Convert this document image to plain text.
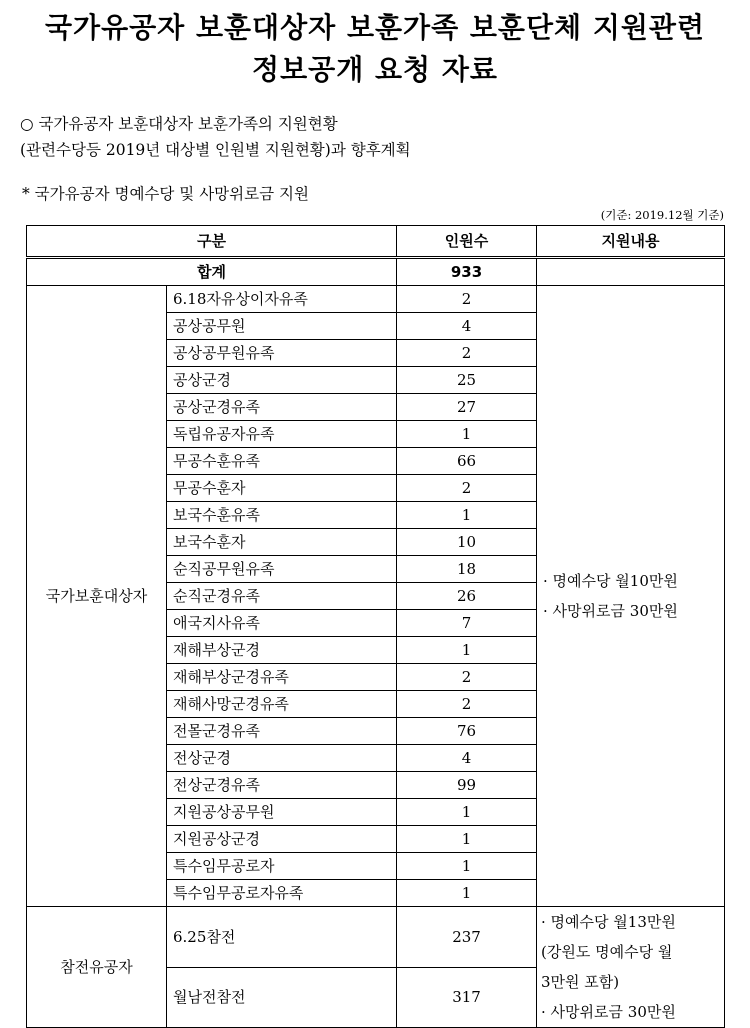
국가유공자 보훈대상자 보훈가족 보훈단체 지원관련
정보공개 요청 자료
○ 국가유공자 보훈대상자 보훈가족의 지원현황
(관련수당등 2019년 대상별 인원별 지원현황)과 향후계획
* 국가유공자 명예수당 및 사망위로금 지원
(기준: 2019.12월 기준)
구분		인원수	지원내용
합계		933	
국가보훈대상자	6.18자유상이자유족	2	· 명예수당 월10만원
· 사망위로금 30만원

	공상공무원	4	
	공상공무원유족	2	
	공상군경	25	
	공상군경유족	27	
	독립유공자유족	1	
	무공수훈유족	66	
	무공수훈자	2	
	보국수훈유족	1	
	보국수훈자	10	
	순직공무원유족	18	
	순직군경유족	26	
	애국지사유족	7	
	재해부상군경	1	
	재해부상군경유족	2	
	재해사망군경유족	2	
	전몰군경유족	76	
	전상군경	4	
	전상군경유족	99	
	지원공상공무원	1	
	지원공상군경	1	
	특수임무공로자	1	
	특수임무공로자유족	1	
참전유공자	6.25참전	237	· 명예수당 월13만원
(강원도 명예수당 월
3만원 포함)
· 사망위로금 30만원

	월남전참전	317	
